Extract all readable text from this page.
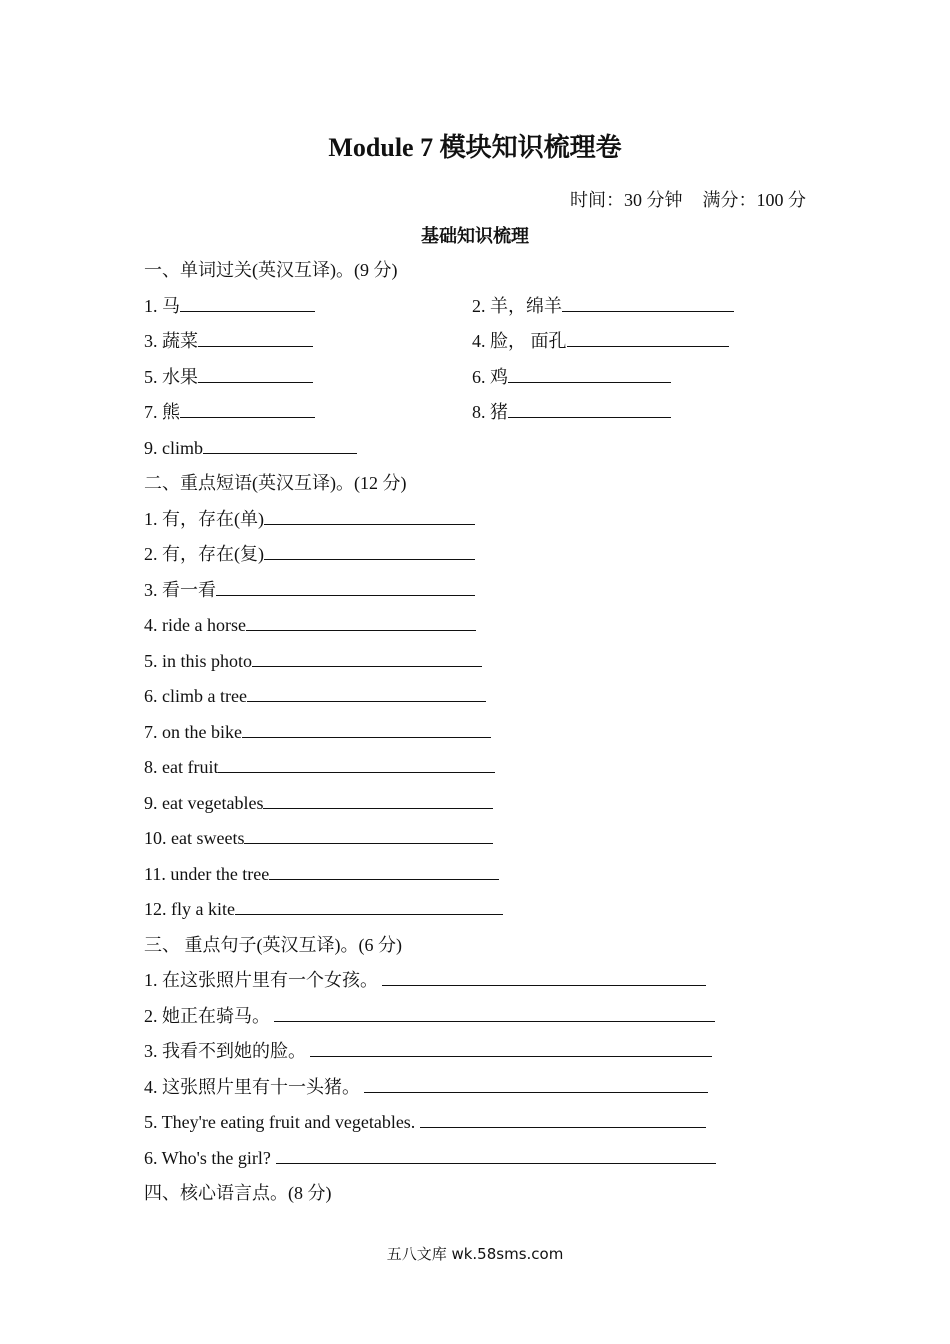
Module 7 模块知识梳理卷
时间：30 分钟 满分：100 分
基础知识梳理
一、单词过关(英汉互译)。(9 分)
1. 马	2. 羊，绵羊
3. 蔬菜	4. 脸， 面孔
5. 水果	6. 鸡
7. 熊	8. 猪
9. climb
二、重点短语(英汉互译)。(12 分)
1. 有，存在(单)
2. 有，存在(复)
3. 看一看
4. ride a horse
5. in this photo
6. climb a tree
7. on the bike
8. eat fruit
9. eat vegetables
10. eat sweets
11. under the tree
12. fly a kite
三、 重点句子(英汉互译)。(6 分)
1. 在这张照片里有一个女孩。
2. 她正在骑马。
3. 我看不到她的脸。
4. 这张照片里有十一头猪。
5. They're eating fruit and vegetables.
6. Who's the girl?
四、核心语言点。(8 分)
五八文库 wk.58sms.com
